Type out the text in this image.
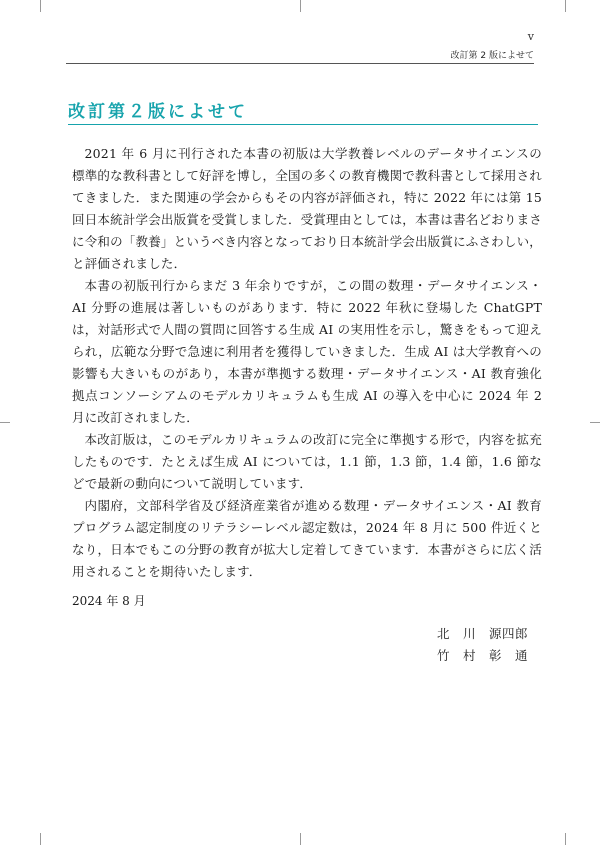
v
改訂第 2 版によせて
改訂第２版によせて

2021 年 6 月に刊行された本書の初版は大学教養レベルのデータサイエンスの標準的な教科書として好評を博し，全国の多くの教育機関で教科書として採用されてきました．また関連の学会からもその内容が評価され，特に 2022 年には第 15 回日本統計学会出版賞を受賞しました．受賞理由としては，本書は書名どおりまさに令和の「教養」というべき内容となっており日本統計学会出版賞にふさわしい，と評価されました．

本書の初版刊行からまだ 3 年余りですが，この間の数理・データサイエンス・AI 分野の進展は著しいものがあります．特に 2022 年秋に登場した ChatGPT は，対話形式で人間の質問に回答する生成 AI の実用性を示し，驚きをもって迎えられ，広範な分野で急速に利用者を獲得していきました．生成 AI は大学教育への影響も大きいものがあり，本書が準拠する数理・データサイエンス・AI 教育強化拠点コンソーシアムのモデルカリキュラムも生成 AI の導入を中心に 2024 年 2 月に改訂されました．

本改訂版は，このモデルカリキュラムの改訂に完全に準拠する形で，内容を拡充したものです．たとえば生成 AI については，1.1 節，1.3 節，1.4 節，1.6 節などで最新の動向について説明しています．

内閣府，文部科学省及び経済産業省が進める数理・データサイエンス・AI 教育プログラム認定制度のリテラシーレベル認定数は，2024 年 8 月に 500 件近くとなり，日本でもこの分野の教育が拡大し定着してきています．本書がさらに広く活用されることを期待いたします．

2024 年 8 月

北　川　源四郎
竹　村　彰　通
